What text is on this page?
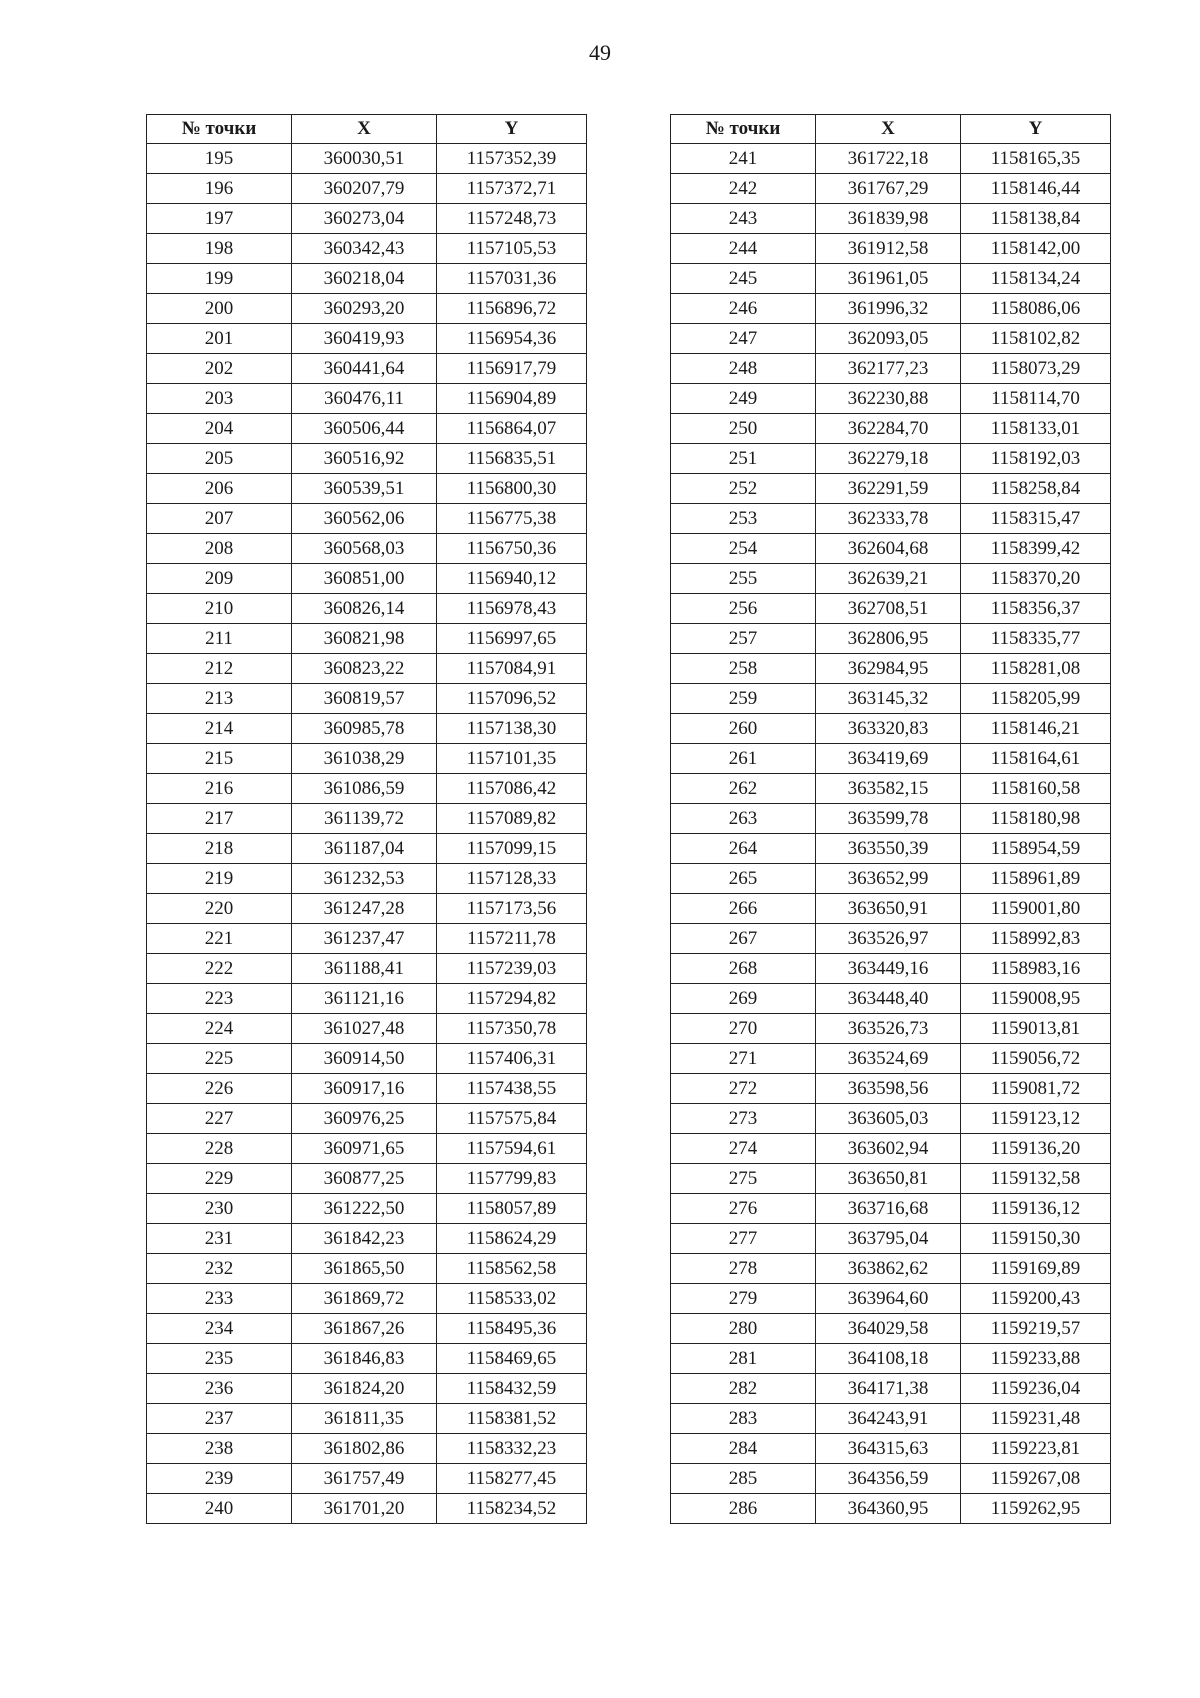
49
№ точки	X	Y
195	360030,51	1157352,39
196	360207,79	1157372,71
197	360273,04	1157248,73
198	360342,43	1157105,53
199	360218,04	1157031,36
200	360293,20	1156896,72
201	360419,93	1156954,36
202	360441,64	1156917,79
203	360476,11	1156904,89
204	360506,44	1156864,07
205	360516,92	1156835,51
206	360539,51	1156800,30
207	360562,06	1156775,38
208	360568,03	1156750,36
209	360851,00	1156940,12
210	360826,14	1156978,43
211	360821,98	1156997,65
212	360823,22	1157084,91
213	360819,57	1157096,52
214	360985,78	1157138,30
215	361038,29	1157101,35
216	361086,59	1157086,42
217	361139,72	1157089,82
218	361187,04	1157099,15
219	361232,53	1157128,33
220	361247,28	1157173,56
221	361237,47	1157211,78
222	361188,41	1157239,03
223	361121,16	1157294,82
224	361027,48	1157350,78
225	360914,50	1157406,31
226	360917,16	1157438,55
227	360976,25	1157575,84
228	360971,65	1157594,61
229	360877,25	1157799,83
230	361222,50	1158057,89
231	361842,23	1158624,29
232	361865,50	1158562,58
233	361869,72	1158533,02
234	361867,26	1158495,36
235	361846,83	1158469,65
236	361824,20	1158432,59
237	361811,35	1158381,52
238	361802,86	1158332,23
239	361757,49	1158277,45
240	361701,20	1158234,52
№ точки	X	Y
241	361722,18	1158165,35
242	361767,29	1158146,44
243	361839,98	1158138,84
244	361912,58	1158142,00
245	361961,05	1158134,24
246	361996,32	1158086,06
247	362093,05	1158102,82
248	362177,23	1158073,29
249	362230,88	1158114,70
250	362284,70	1158133,01
251	362279,18	1158192,03
252	362291,59	1158258,84
253	362333,78	1158315,47
254	362604,68	1158399,42
255	362639,21	1158370,20
256	362708,51	1158356,37
257	362806,95	1158335,77
258	362984,95	1158281,08
259	363145,32	1158205,99
260	363320,83	1158146,21
261	363419,69	1158164,61
262	363582,15	1158160,58
263	363599,78	1158180,98
264	363550,39	1158954,59
265	363652,99	1158961,89
266	363650,91	1159001,80
267	363526,97	1158992,83
268	363449,16	1158983,16
269	363448,40	1159008,95
270	363526,73	1159013,81
271	363524,69	1159056,72
272	363598,56	1159081,72
273	363605,03	1159123,12
274	363602,94	1159136,20
275	363650,81	1159132,58
276	363716,68	1159136,12
277	363795,04	1159150,30
278	363862,62	1159169,89
279	363964,60	1159200,43
280	364029,58	1159219,57
281	364108,18	1159233,88
282	364171,38	1159236,04
283	364243,91	1159231,48
284	364315,63	1159223,81
285	364356,59	1159267,08
286	364360,95	1159262,95
